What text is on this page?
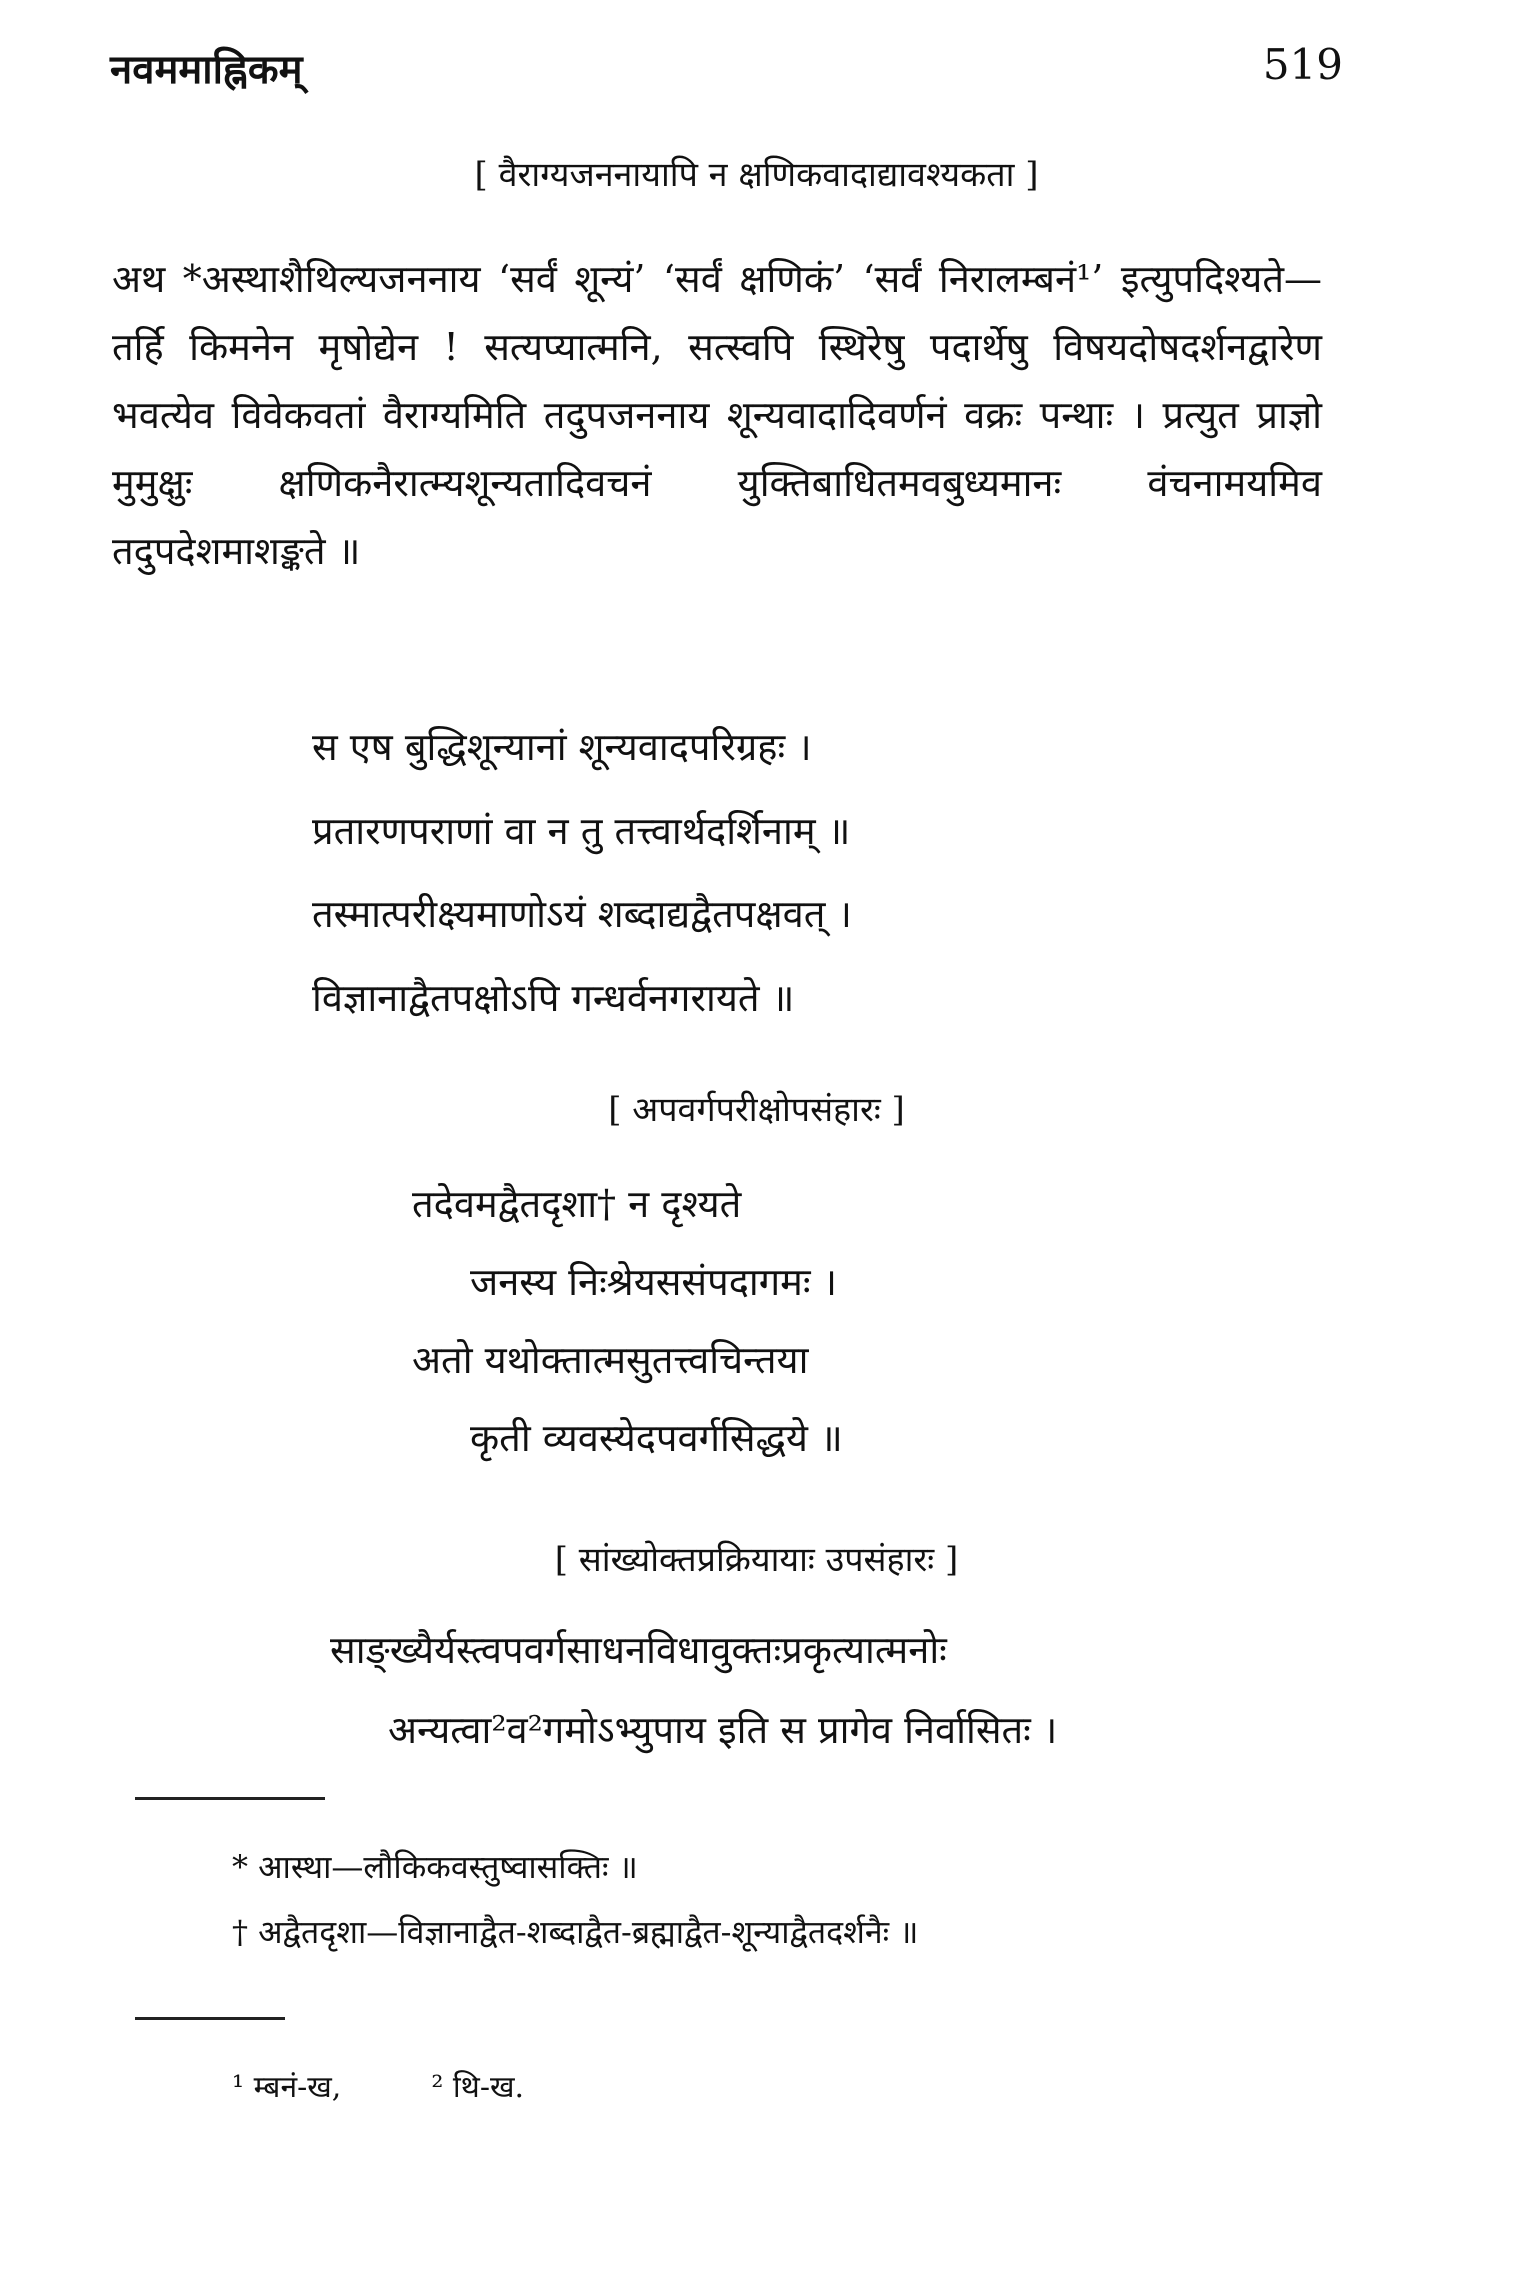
नवममाह्निकम्	519
[ वैराग्यजननायापि न क्षणिकवादाद्यावश्यकता ]

अथ *अस्थाशैथिल्यजननाय ‘सर्वं शून्यं’ ‘सर्वं क्षणिकं’ ‘सर्वं निरालम्बनं¹’ इत्युपदिश्यते—तर्हि किमनेन मृषोद्येन ! सत्यप्यात्मनि, सत्स्वपि स्थिरेषु पदार्थेषु विषयदोषदर्शनद्वारेण भवत्येव विवेकवतां वैराग्यमिति तदुपजननाय शून्यवादादिवर्णनं वक्रः पन्थाः । प्रत्युत प्राज्ञो मुमुक्षुः क्षणिकनैरात्म्यशून्यतादिवचनं युक्तिबाधितमवबुध्यमानः वंचनामयमिव तदुपदेशमाशङ्कते ॥

स एष बुद्धिशून्यानां शून्यवादपरिग्रहः ।
प्रतारणपराणां वा न तु तत्त्वार्थदर्शिनाम् ॥
तस्मात्परीक्ष्यमाणोऽयं शब्दाद्यद्वैतपक्षवत् ।
विज्ञानाद्वैतपक्षोऽपि गन्धर्वनगरायते ॥
[ अपवर्गपरीक्षोपसंहारः ]
तदेवमद्वैतदृशा† न दृश्यते
जनस्य निःश्रेयससंपदागमः ।
अतो यथोक्तात्मसुतत्त्वचिन्तया
कृती व्यवस्येदपवर्गसिद्धये ॥
[ सांख्योक्तप्रक्रियायाः उपसंहारः ]
साङ्ख्यैर्यस्त्वपवर्गसाधनविधावुक्तःप्रकृत्यात्मनोः
अन्यत्वा²व²गमोऽभ्युपाय इति स प्रागेव निर्वासितः ।
* आस्था—लौकिकवस्तुष्वासक्तिः ॥
† अद्वैतदृशा—विज्ञानाद्वैत-शब्दाद्वैत-ब्रह्माद्वैत-शून्याद्वैतदर्शनैः ॥
¹ म्बनं-ख,	² थि-ख.
